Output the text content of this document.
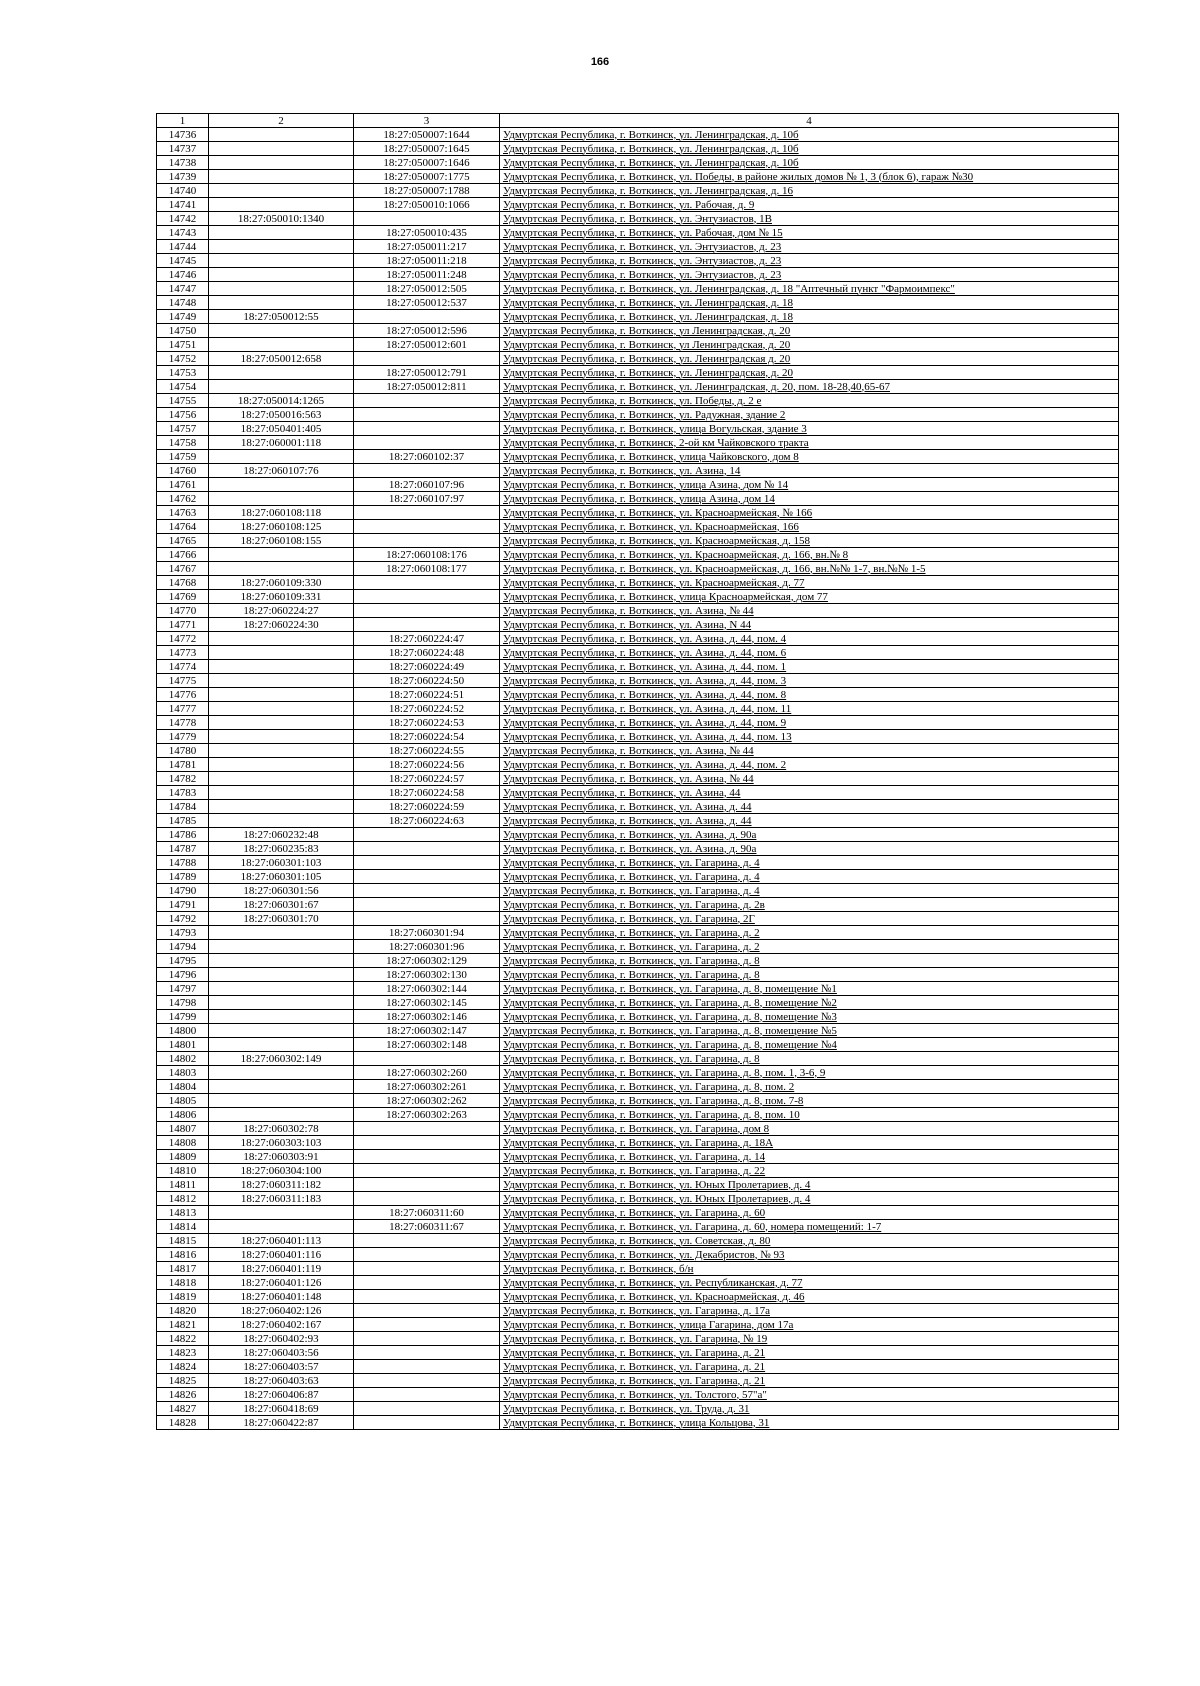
166
1	2	3	4
14736		18:27:050007:1644	Удмуртская Республика, г. Воткинск, ул. Ленинградская, д. 10б
14737		18:27:050007:1645	Удмуртская Республика, г. Воткинск, ул. Ленинградская, д. 10б
14738		18:27:050007:1646	Удмуртская Республика, г. Воткинск, ул. Ленинградская, д. 10б
14739		18:27:050007:1775	Удмуртская Республика, г. Воткинск, ул. Победы, в районе жилых домов № 1, 3 (блок 6), гараж №30
14740		18:27:050007:1788	Удмуртская Республика, г. Воткинск, ул. Ленинградская, д. 16
14741		18:27:050010:1066	Удмуртская Республика, г. Воткинск, ул. Рабочая, д. 9
14742	18:27:050010:1340		Удмуртская Республика, г. Воткинск, ул. Энтузиастов, 1В
14743		18:27:050010:435	Удмуртская Республика, г. Воткинск, ул. Рабочая, дом № 15
14744		18:27:050011:217	Удмуртская Республика, г. Воткинск, ул. Энтузиастов, д. 23
14745		18:27:050011:218	Удмуртская Республика, г. Воткинск, ул. Энтузиастов, д. 23
14746		18:27:050011:248	Удмуртская Республика, г. Воткинск, ул. Энтузиастов, д. 23
14747		18:27:050012:505	Удмуртская Республика, г. Воткинск, ул. Ленинградская, д. 18 "Аптечный пункт "Фармоимпекс"
14748		18:27:050012:537	Удмуртская Республика, г. Воткинск, ул. Ленинградская, д. 18
14749	18:27:050012:55		Удмуртская Республика, г. Воткинск, ул. Ленинградская, д. 18
14750		18:27:050012:596	Удмуртская Республика, г. Воткинск, ул Ленинградская, д. 20
14751		18:27:050012:601	Удмуртская Республика, г. Воткинск, ул Ленинградская, д. 20
14752	18:27:050012:658		Удмуртская Республика, г. Воткинск, ул. Ленинградская д. 20
14753		18:27:050012:791	Удмуртская Республика, г. Воткинск, ул. Ленинградская, д. 20
14754		18:27:050012:811	Удмуртская Республика, г. Воткинск, ул. Ленинградская, д. 20, пом. 18-28,40,65-67
14755	18:27:050014:1265		Удмуртская Республика, г. Воткинск, ул. Победы, д. 2 е
14756	18:27:050016:563		Удмуртская Республика, г. Воткинск, ул. Радужная, здание 2
14757	18:27:050401:405		Удмуртская Республика, г. Воткинск, улица Вогульская, здание 3
14758	18:27:060001:118		Удмуртская Республика, г. Воткинск, 2-ой км Чайковского тракта
14759		18:27:060102:37	Удмуртская Республика, г. Воткинск, улица Чайковского, дом 8
14760	18:27:060107:76		Удмуртская Республика, г. Воткинск, ул. Азина, 14
14761		18:27:060107:96	Удмуртская Республика, г. Воткинск, улица Азина, дом № 14
14762		18:27:060107:97	Удмуртская Республика, г. Воткинск, улица Азина, дом 14
14763	18:27:060108:118		Удмуртская Республика, г. Воткинск, ул. Красноармейская, № 166
14764	18:27:060108:125		Удмуртская Республика, г. Воткинск, ул. Красноармейская, 166
14765	18:27:060108:155		Удмуртская Республика, г. Воткинск, ул. Красноармейская, д. 158
14766		18:27:060108:176	Удмуртская Республика, г. Воткинск, ул. Красноармейская, д. 166, вн.№ 8
14767		18:27:060108:177	Удмуртская Республика, г. Воткинск, ул. Красноармейская, д. 166, вн.№№ 1-7, вн.№№ 1-5
14768	18:27:060109:330		Удмуртская Республика, г. Воткинск, ул. Красноармейская, д. 77
14769	18:27:060109:331		Удмуртская Республика, г. Воткинск, улица Красноармейская, дом 77
14770	18:27:060224:27		Удмуртская Республика, г. Воткинск, ул. Азина, № 44
14771	18:27:060224:30		Удмуртская Республика, г. Воткинск, ул. Азина, N 44
14772		18:27:060224:47	Удмуртская Республика, г. Воткинск, ул. Азина, д. 44, пом. 4
14773		18:27:060224:48	Удмуртская Республика, г. Воткинск, ул. Азина, д. 44, пом. 6
14774		18:27:060224:49	Удмуртская Республика, г. Воткинск, ул. Азина, д. 44, пом. 1
14775		18:27:060224:50	Удмуртская Республика, г. Воткинск, ул. Азина, д. 44, пом. 3
14776		18:27:060224:51	Удмуртская Республика, г. Воткинск, ул. Азина, д. 44, пом. 8
14777		18:27:060224:52	Удмуртская Республика, г. Воткинск, ул. Азина, д. 44, пом. 11
14778		18:27:060224:53	Удмуртская Республика, г. Воткинск, ул. Азина, д. 44, пом. 9
14779		18:27:060224:54	Удмуртская Республика, г. Воткинск, ул. Азина, д. 44, пом. 13
14780		18:27:060224:55	Удмуртская Республика, г. Воткинск, ул. Азина, № 44
14781		18:27:060224:56	Удмуртская Республика, г. Воткинск, ул. Азина, д. 44, пом. 2
14782		18:27:060224:57	Удмуртская Республика, г. Воткинск, ул. Азина, № 44
14783		18:27:060224:58	Удмуртская Республика, г. Воткинск, ул. Азина, 44
14784		18:27:060224:59	Удмуртская Республика, г. Воткинск, ул. Азина, д. 44
14785		18:27:060224:63	Удмуртская Республика, г. Воткинск, ул. Азина, д. 44
14786	18:27:060232:48		Удмуртская Республика, г. Воткинск, ул. Азина, д. 90а
14787	18:27:060235:83		Удмуртская Республика, г. Воткинск, ул. Азина, д. 90а
14788	18:27:060301:103		Удмуртская Республика, г. Воткинск, ул. Гагарина, д. 4
14789	18:27:060301:105		Удмуртская Республика, г. Воткинск, ул. Гагарина, д. 4
14790	18:27:060301:56		Удмуртская Республика, г. Воткинск, ул. Гагарина, д. 4
14791	18:27:060301:67		Удмуртская Республика, г. Воткинск, ул. Гагарина, д. 2в
14792	18:27:060301:70		Удмуртская Республика, г. Воткинск, ул. Гагарина, 2Г
14793		18:27:060301:94	Удмуртская Республика, г. Воткинск, ул. Гагарина, д. 2
14794		18:27:060301:96	Удмуртская Республика, г. Воткинск, ул. Гагарина, д. 2
14795		18:27:060302:129	Удмуртская Республика, г. Воткинск, ул. Гагарина, д. 8
14796		18:27:060302:130	Удмуртская Республика, г. Воткинск, ул. Гагарина, д. 8
14797		18:27:060302:144	Удмуртская Республика, г. Воткинск, ул. Гагарина, д. 8, помещение №1
14798		18:27:060302:145	Удмуртская Республика, г. Воткинск, ул. Гагарина, д. 8, помещение №2
14799		18:27:060302:146	Удмуртская Республика, г. Воткинск, ул. Гагарина, д. 8, помещение №3
14800		18:27:060302:147	Удмуртская Республика, г. Воткинск, ул. Гагарина, д. 8, помещение №5
14801		18:27:060302:148	Удмуртская Республика, г. Воткинск, ул. Гагарина, д. 8, помещение №4
14802	18:27:060302:149		Удмуртская Республика, г. Воткинск, ул. Гагарина, д. 8
14803		18:27:060302:260	Удмуртская Республика, г. Воткинск, ул. Гагарина, д. 8, пом. 1, 3-6, 9
14804		18:27:060302:261	Удмуртская Республика, г. Воткинск, ул. Гагарина, д. 8, пом. 2
14805		18:27:060302:262	Удмуртская Республика, г. Воткинск, ул. Гагарина, д. 8, пом. 7-8
14806		18:27:060302:263	Удмуртская Республика, г. Воткинск, ул. Гагарина, д. 8, пом. 10
14807	18:27:060302:78		Удмуртская Республика, г. Воткинск, ул. Гагарина, дом 8
14808	18:27:060303:103		Удмуртская Республика, г. Воткинск, ул. Гагарина, д. 18А
14809	18:27:060303:91		Удмуртская Республика, г. Воткинск, ул. Гагарина, д. 14
14810	18:27:060304:100		Удмуртская Республика, г. Воткинск, ул. Гагарина, д. 22
14811	18:27:060311:182		Удмуртская Республика, г. Воткинск, ул. Юных Пролетариев, д. 4
14812	18:27:060311:183		Удмуртская Республика, г. Воткинск, ул. Юных Пролетариев, д. 4
14813		18:27:060311:60	Удмуртская Республика, г. Воткинск, ул. Гагарина, д. 60
14814		18:27:060311:67	Удмуртская Республика, г. Воткинск, ул. Гагарина, д. 60, номера помещений: 1-7
14815	18:27:060401:113		Удмуртская Республика, г. Воткинск, ул. Советская, д. 80
14816	18:27:060401:116		Удмуртская Республика, г. Воткинск, ул. Декабристов, № 93
14817	18:27:060401:119		Удмуртская Республика, г. Воткинск, б/н
14818	18:27:060401:126		Удмуртская Республика, г. Воткинск, ул. Республиканская, д. 77
14819	18:27:060401:148		Удмуртская Республика, г. Воткинск, ул. Красноармейская, д. 46
14820	18:27:060402:126		Удмуртская Республика, г. Воткинск, ул. Гагарина, д. 17а
14821	18:27:060402:167		Удмуртская Республика, г. Воткинск, улица Гагарина, дом 17а
14822	18:27:060402:93		Удмуртская Республика, г. Воткинск, ул. Гагарина, № 19
14823	18:27:060403:56		Удмуртская Республика, г. Воткинск, ул. Гагарина, д. 21
14824	18:27:060403:57		Удмуртская Республика, г. Воткинск, ул. Гагарина, д. 21
14825	18:27:060403:63		Удмуртская Республика, г. Воткинск, ул. Гагарина, д. 21
14826	18:27:060406:87		Удмуртская Республика, г. Воткинск, ул. Толстого, 57"а"
14827	18:27:060418:69		Удмуртская Республика, г. Воткинск, ул. Труда, д. 31
14828	18:27:060422:87		Удмуртская Республика, г. Воткинск, улица Кольцова, 31
